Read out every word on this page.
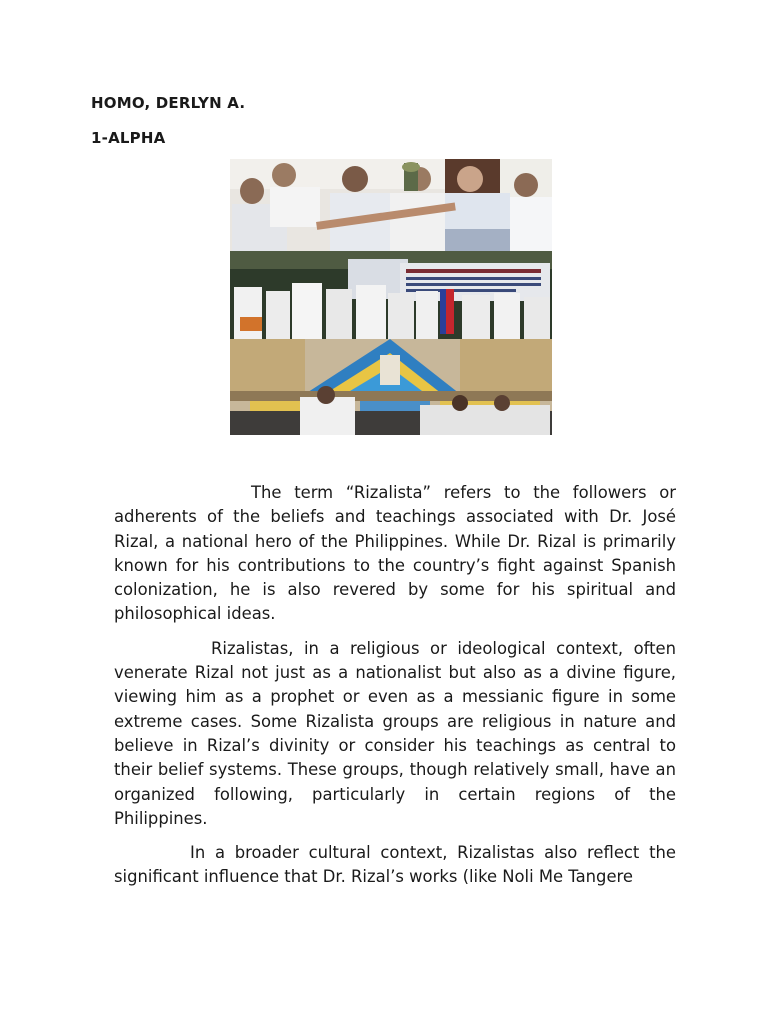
HOMO, DERLYN A.

1-ALPHA

The term “Rizalista” refers to the followers or adherents of the beliefs and teachings associated with Dr. José Rizal, a national hero of the Philippines. While Dr. Rizal is primarily known for his contributions to the country’s fight against Spanish colonization, he is also revered by some for his spiritual and philosophical ideas.

Rizalistas, in a religious or ideological context, often venerate Rizal not just as a nationalist but also as a divine figure, viewing him as a prophet or even as a messianic figure in some extreme cases. Some Rizalista groups are religious in nature and believe in Rizal’s divinity or consider his teachings as central to their belief systems. These groups, though relatively small, have an organized following, particularly in certain regions of the Philippines.

In a broader cultural context, Rizalistas also reflect the significant influence that Dr. Rizal’s works (like Noli Me Tangere
